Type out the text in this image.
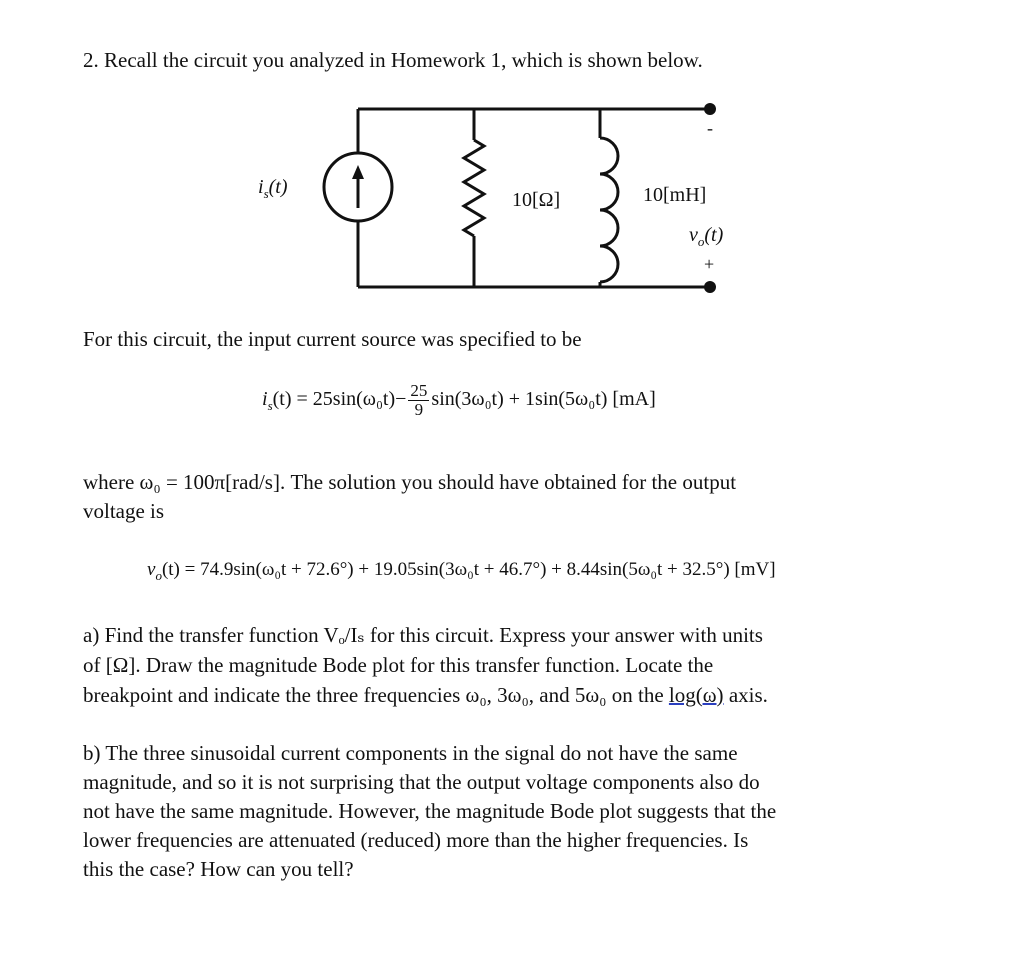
2. Recall the circuit you analyzed in Homework 1, which is shown below.
$i_s(t)$
10[Ω]	10[mH]
$v_o(t)$
-
+
For this circuit, the input current source was specified to be
$i_s(t) = 25\sin(\omega_0t)- \frac{25}{9} \sin(3\omega_0t) + 1\sin(5\omega_0t)$ [mA]
where ω₀ = 100π[rad/s]. The solution you should have obtained for the output
voltage is
$v_o(t) = 74.9\sin(\omega_0t + 72.6^\circ) + 19.05\sin(3\omega_0t + 46.7^\circ) + 8.44\sin(5\omega_0t + 32.5^\circ)$ [mV]
a) Find the transfer function Vₒ/Iₛ for this circuit. Express your answer with units
of [Ω]. Draw the magnitude Bode plot for this transfer function. Locate the
breakpoint and indicate the three frequencies ω₀, 3ω₀, and 5ω₀ on the log(ω) axis.
b) The three sinusoidal current components in the signal do not have the same
magnitude, and so it is not surprising that the output voltage components also do
not have the same magnitude. However, the magnitude Bode plot suggests that the
lower frequencies are attenuated (reduced) more than the higher frequencies. Is
this the case? How can you tell?
